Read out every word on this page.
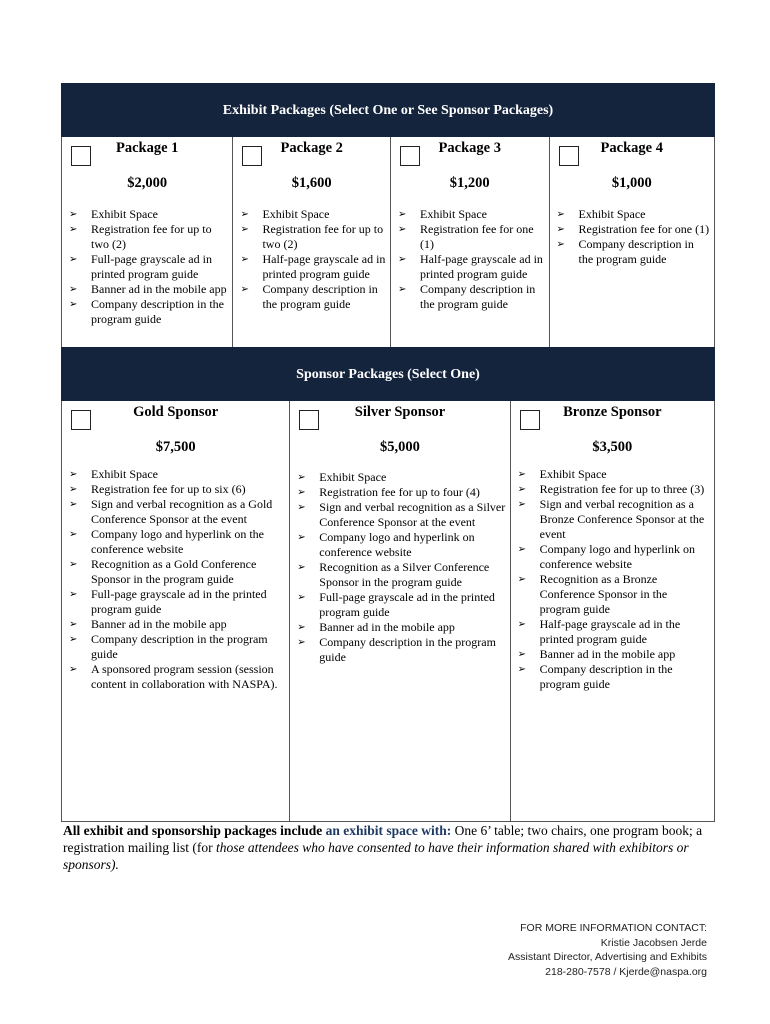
Exhibit Packages (Select One or See Sponsor Packages)
Package 1
$2,000
➢ Exhibit Space
➢ Registration fee for up to two (2)
➢ Full-page grayscale ad in printed program guide
➢ Banner ad in the mobile app
➢ Company description in the program guide
Package 2
$1,600
➢ Exhibit Space
➢ Registration fee for up to two (2)
➢ Half-page grayscale ad in printed program guide
➢ Company description in the program guide
Package 3
$1,200
➢ Exhibit Space
➢ Registration fee for one (1)
➢ Half-page grayscale ad in printed program guide
➢ Company description in the program guide
Package 4
$1,000
➢ Exhibit Space
➢ Registration fee for one (1)
➢ Company description in the program guide
Sponsor Packages (Select One)
Gold Sponsor
$7,500
➢ Exhibit Space
➢ Registration fee for up to six (6)
➢ Sign and verbal recognition as a Gold Conference Sponsor at the event
➢ Company logo and hyperlink on the conference website
➢ Recognition as a Gold Conference Sponsor in the program guide
➢ Full-page grayscale ad in the printed program guide
➢ Banner ad in the mobile app
➢ Company description in the program guide
➢ A sponsored program session (session content in collaboration with NASPA).
Silver Sponsor
$5,000
➢ Exhibit Space
➢ Registration fee for up to four (4)
➢ Sign and verbal recognition as a Silver Conference Sponsor at the event
➢ Company logo and hyperlink on conference website
➢ Recognition as a Silver Conference Sponsor in the program guide
➢ Full-page grayscale ad in the printed program guide
➢ Banner ad in the mobile app
➢ Company description in the program guide
Bronze Sponsor
$3,500
➢ Exhibit Space
➢ Registration fee for up to three (3)
➢ Sign and verbal recognition as a Bronze Conference Sponsor at the event
➢ Company logo and hyperlink on conference website
➢ Recognition as a Bronze Conference Sponsor in the program guide
➢ Half-page grayscale ad in the printed program guide
➢ Banner ad in the mobile app
➢ Company description in the program guide
All exhibit and sponsorship packages include an exhibit space with: One 6’ table; two chairs, one program book; a registration mailing list (for those attendees who have consented to have their information shared with exhibitors or sponsors).
FOR MORE INFORMATION CONTACT:
Kristie Jacobsen Jerde
Assistant Director, Advertising and Exhibits
218-280-7578 / Kjerde@naspa.org
